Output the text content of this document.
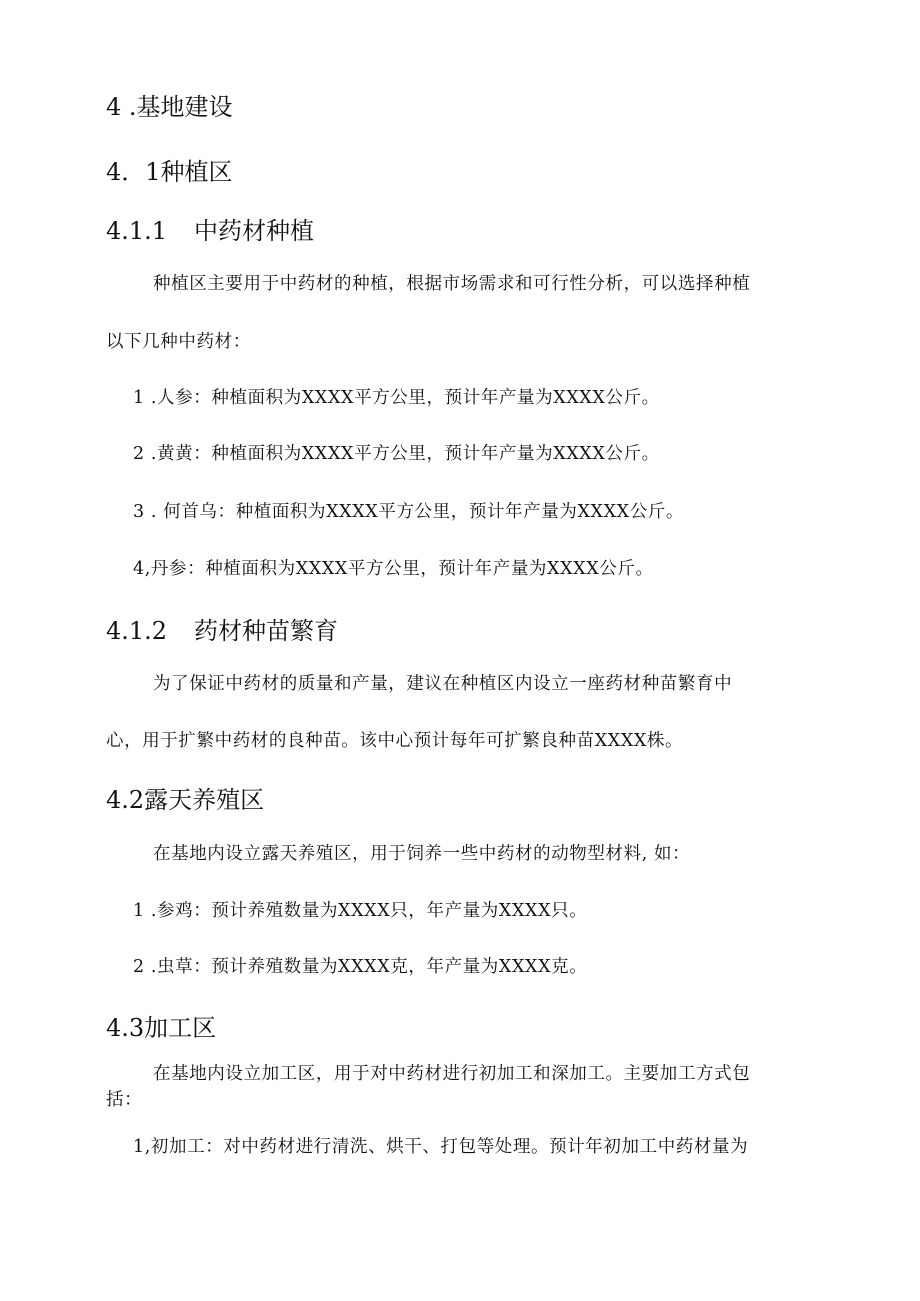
4 .基地建设
4．1种植区
4.1.1 中药材种植
种植区主要用于中药材的种植，根据市场需求和可行性分析，可以选择种植
以下几种中药材：
1 .人参：种植面积为XXXX平方公里，预计年产量为XXXX公斤。
2 .黄黄：种植面积为XXXX平方公里，预计年产量为XXXX公斤。
3 . 何首乌：种植面积为XXXX平方公里，预计年产量为XXXX公斤。
4,丹参：种植面积为XXXX平方公里，预计年产量为XXXX公斤。
4.1.2 药材种苗繁育
为了保证中药材的质量和产量，建议在种植区内设立一座药材种苗繁育中
心，用于扩繁中药材的良种苗。该中心预计每年可扩繁良种苗XXXX株。
4.2露天养殖区
在基地内设立露天养殖区，用于饲养一些中药材的动物型材料, 如：
1 .参鸡：预计养殖数量为XXXX只，年产量为XXXX只。
2 .虫草：预计养殖数量为XXXX克，年产量为XXXX克。
4.3加工区
在基地内设立加工区，用于对中药材进行初加工和深加工。主要加工方式包
括：
1,初加工：对中药材进行清洗、烘干、打包等处理。预计年初加工中药材量为
